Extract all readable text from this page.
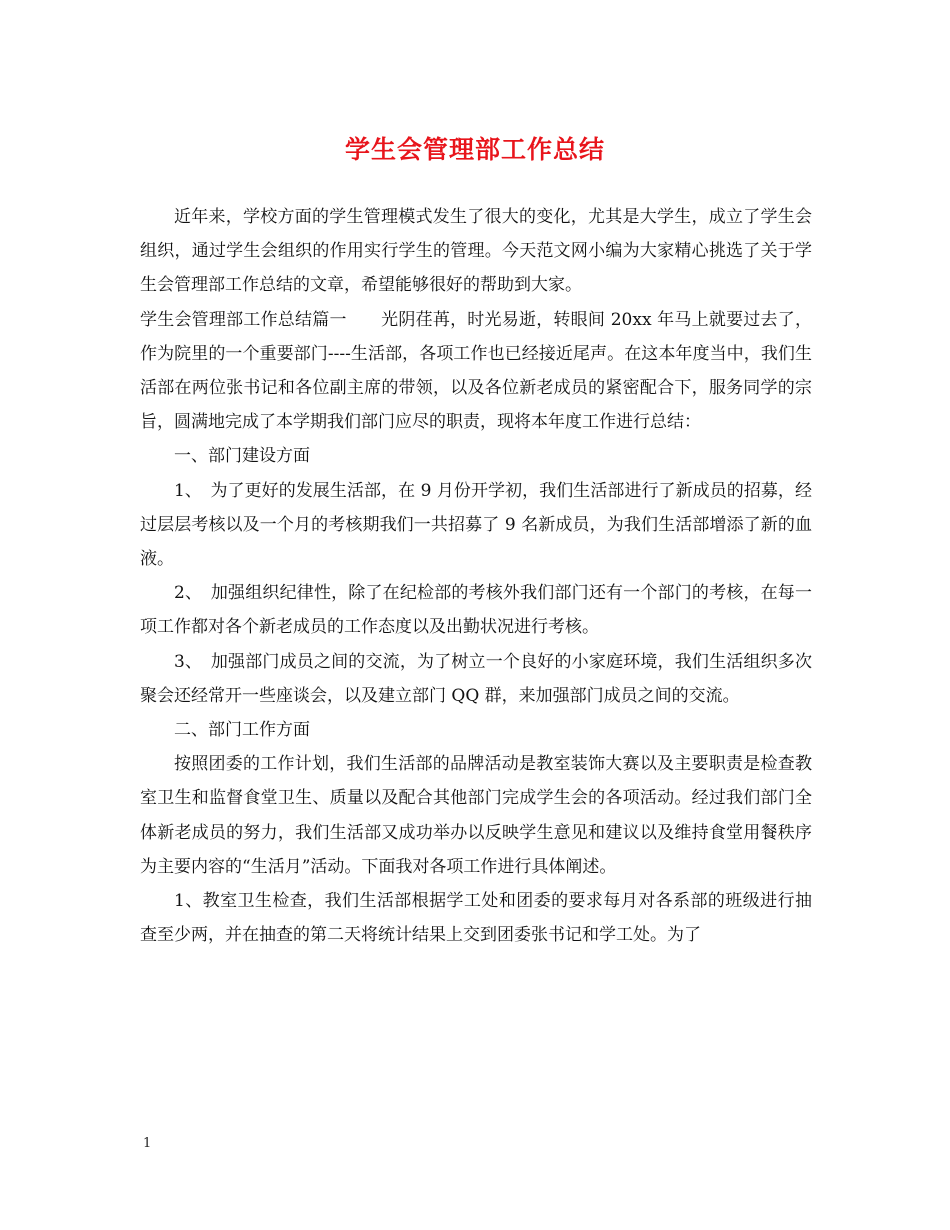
学生会管理部工作总结

近年来，学校方面的学生管理模式发生了很大的变化，尤其是大学生，成立了学生会组织，通过学生会组织的作用实行学生的管理。今天范文网小编为大家精心挑选了关于学生会管理部工作总结的文章，希望能够很好的帮助到大家。

学生会管理部工作总结篇一　　光阴荏苒，时光易逝，转眼间 20xx 年马上就要过去了，作为院里的一个重要部门----生活部，各项工作也已经接近尾声。在这本年度当中，我们生活部在两位张书记和各位副主席的带领，以及各位新老成员的紧密配合下，服务同学的宗旨，圆满地完成了本学期我们部门应尽的职责，现将本年度工作进行总结：

一、部门建设方面

1、　为了更好的发展生活部，在 9 月份开学初，我们生活部进行了新成员的招募，经过层层考核以及一个月的考核期我们一共招募了 9 名新成员，为我们生活部增添了新的血液。

2、　加强组织纪律性，除了在纪检部的考核外我们部门还有一个部门的考核，在每一项工作都对各个新老成员的工作态度以及出勤状况进行考核。

3、　加强部门成员之间的交流，为了树立一个良好的小家庭环境，我们生活组织多次聚会还经常开一些座谈会，以及建立部门 QQ 群，来加强部门成员之间的交流。

二、部门工作方面

按照团委的工作计划，我们生活部的品牌活动是教室装饰大赛以及主要职责是检查教室卫生和监督食堂卫生、质量以及配合其他部门完成学生会的各项活动。经过我们部门全体新老成员的努力，我们生活部又成功举办以反映学生意见和建议以及维持食堂用餐秩序为主要内容的“生活月”活动。下面我对各项工作进行具体阐述。

1、教室卫生检查，我们生活部根据学工处和团委的要求每月对各系部的班级进行抽查至少两，并在抽查的第二天将统计结果上交到团委张书记和学工处。为了

1
